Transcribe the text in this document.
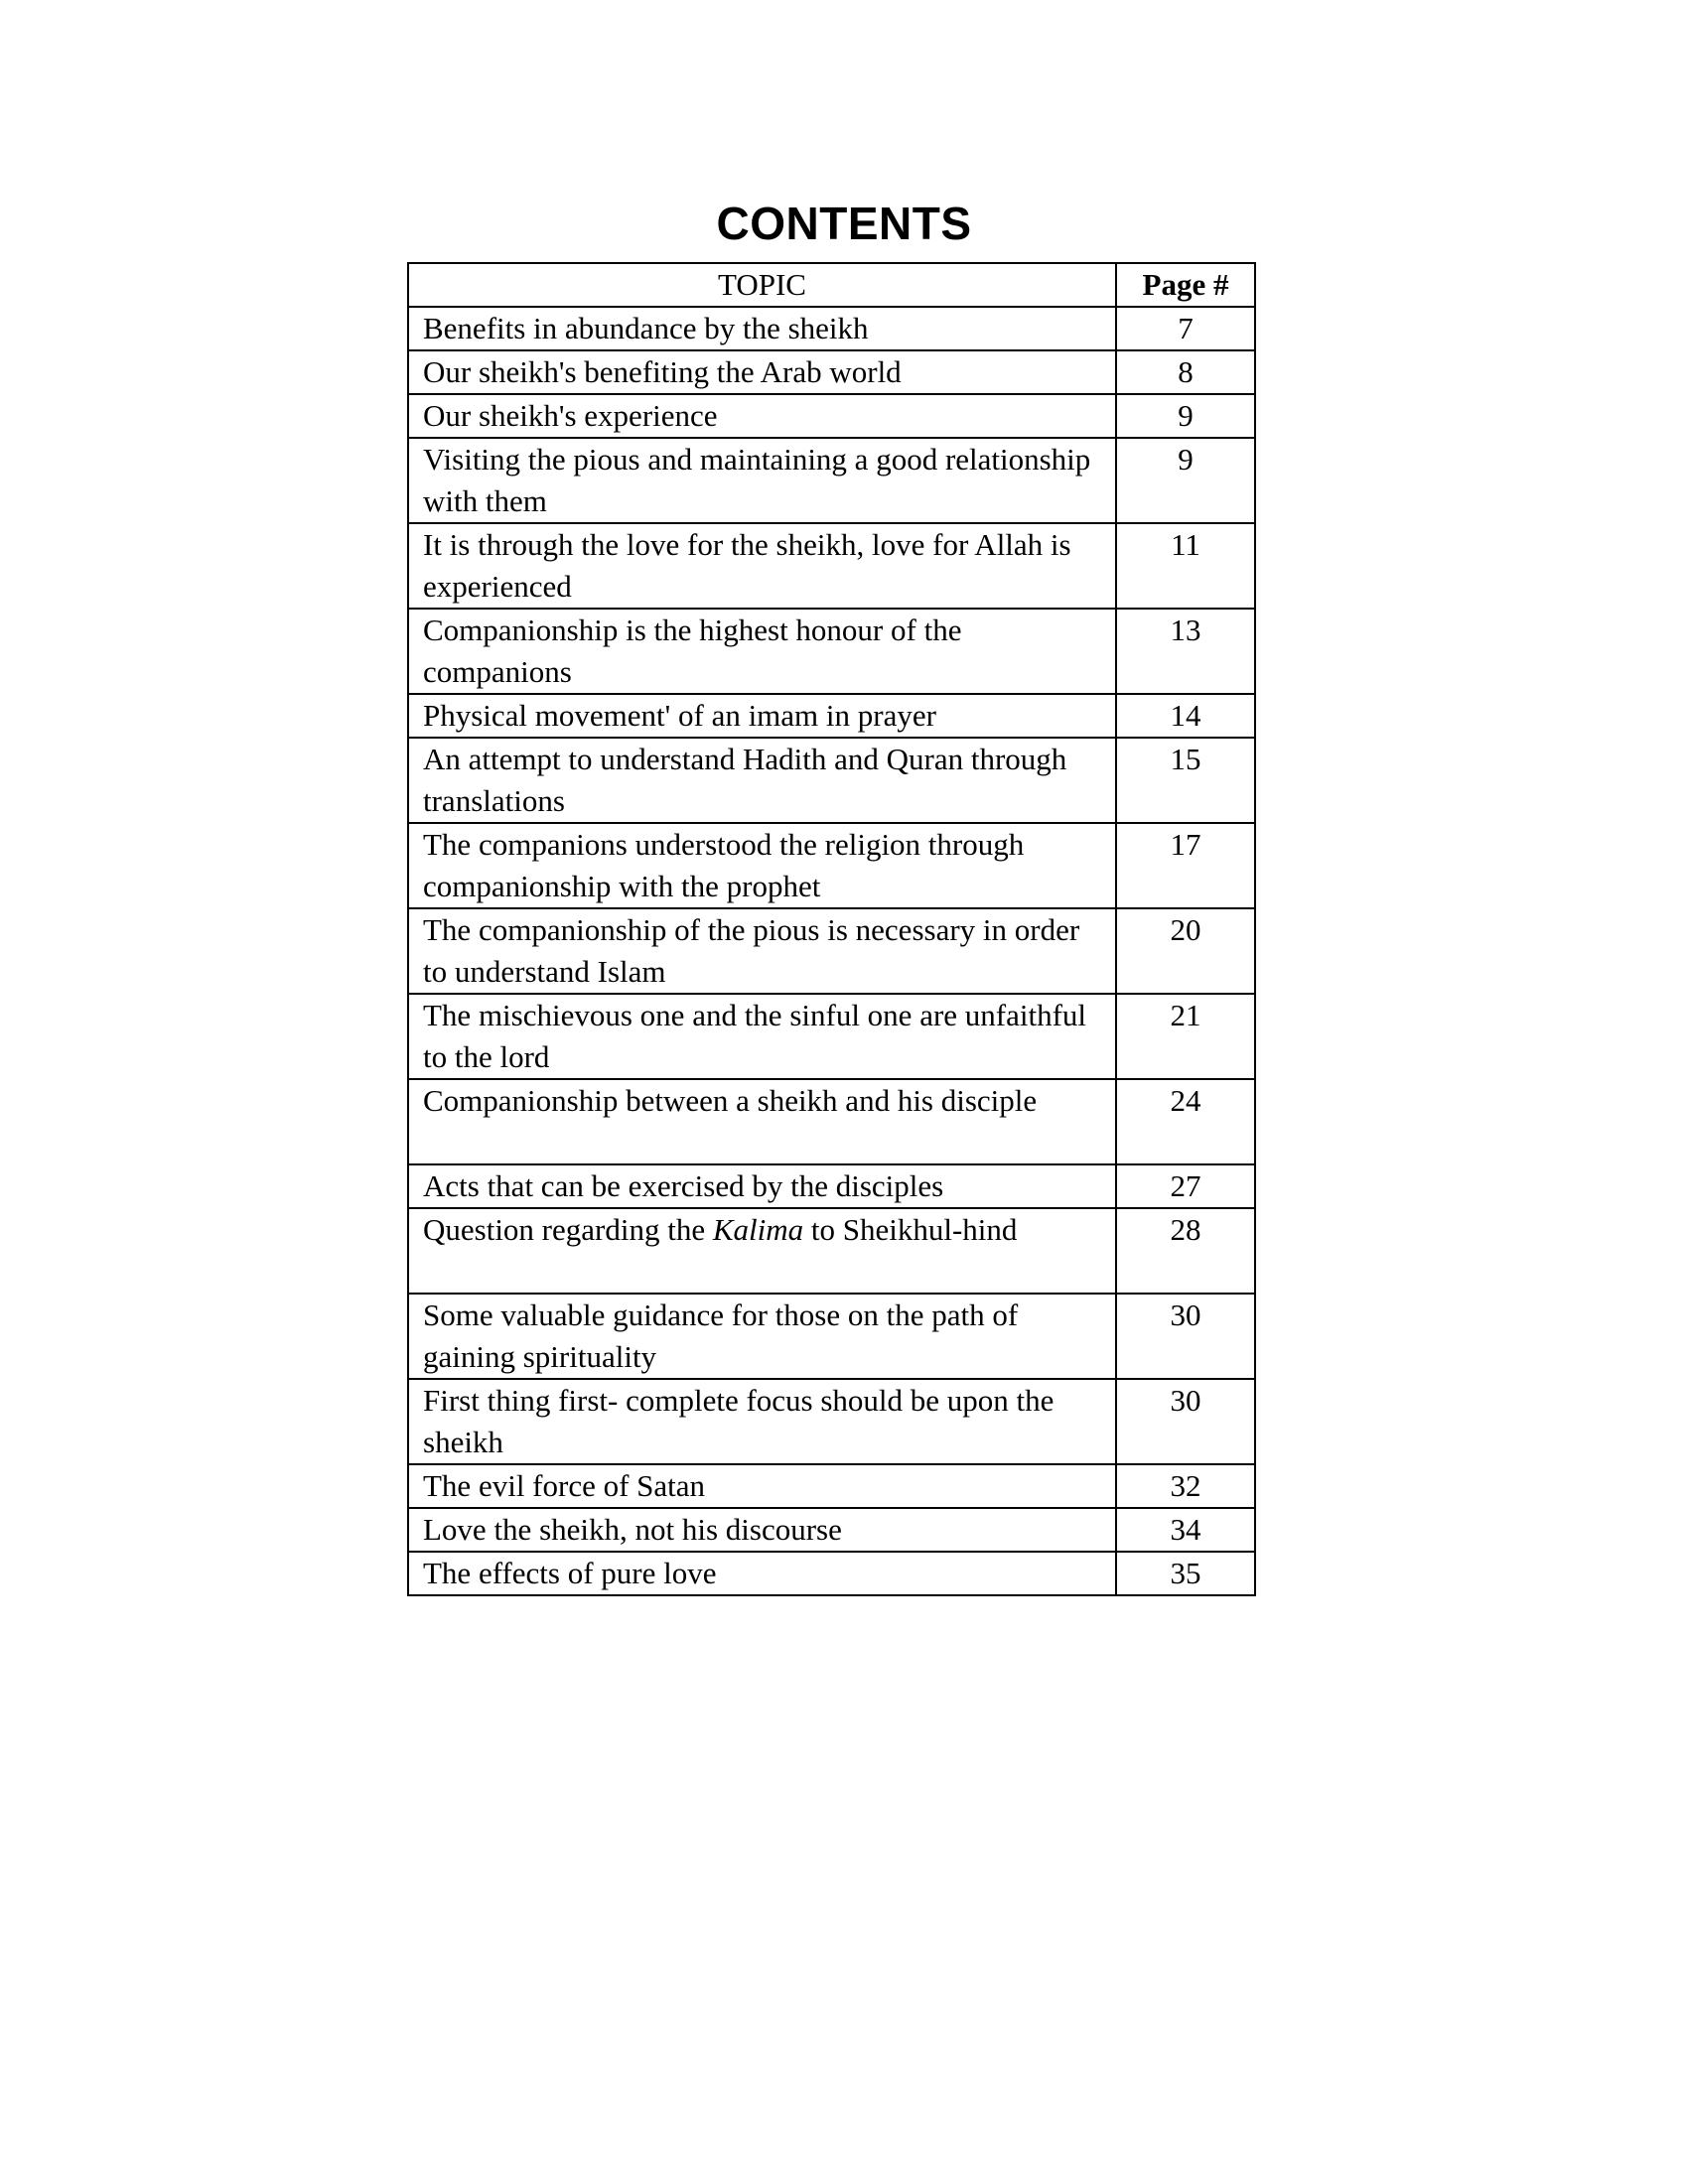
CONTENTS
TOPIC	Page #
Benefits in abundance by the sheikh	7
Our sheikh's benefiting the Arab world	8
Our sheikh's experience	9
Visiting the pious and maintaining a good relationship with them	9
It is through the love for the sheikh, love for Allah is experienced	11
Companionship is the highest honour of the companions	13
Physical movement' of an imam in prayer	14
An attempt to understand Hadith and Quran through translations	15
The companions understood the religion through companionship with the prophet	17
The companionship of the pious is necessary in order to understand Islam	20
The mischievous one and the sinful one are unfaithful to the lord	21
Companionship between a sheikh and his disciple	24
Acts that can be exercised by the disciples	27
Question regarding the Kalima to Sheikhul-hind	28
Some valuable guidance for those on the path of gaining spirituality	30
First thing first- complete focus should be upon the sheikh	30
The evil force of Satan	32
Love the sheikh, not his discourse	34
The effects of pure love	35
